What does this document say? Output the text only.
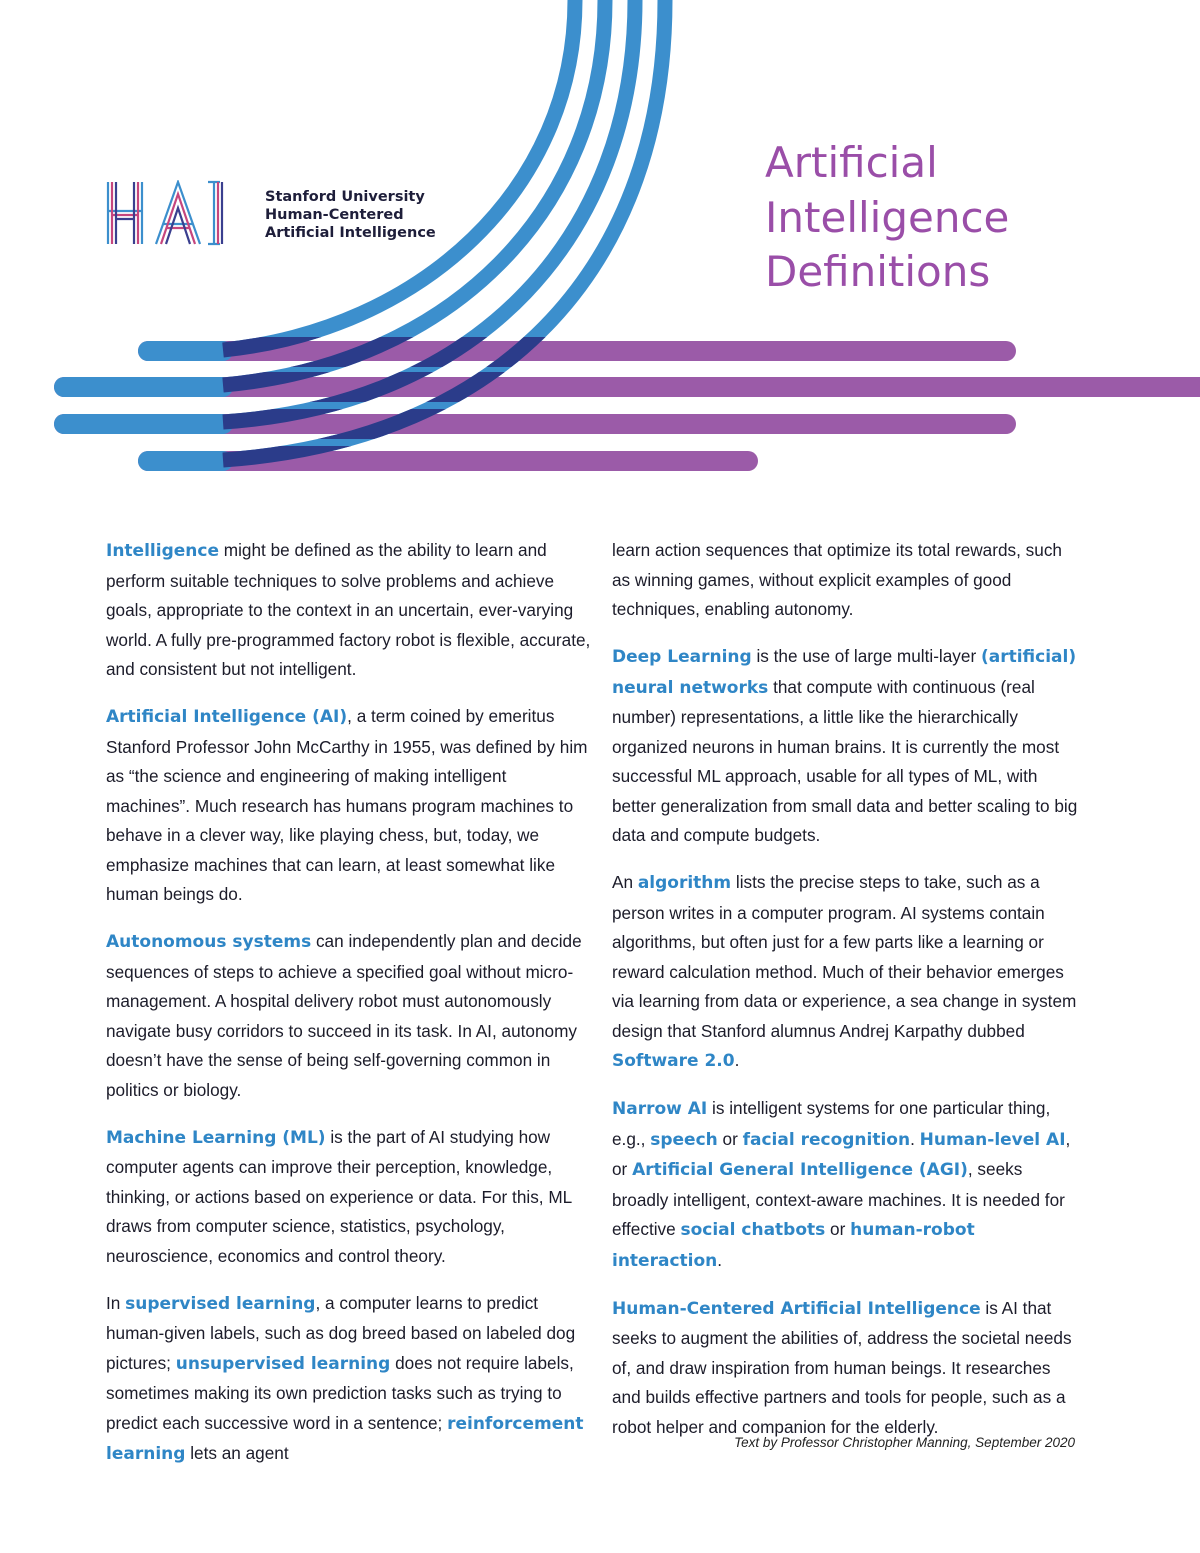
HAI
Stanford University
Human-Centered
Artificial Intelligence
Artificial
Intelligence
Definitions

Intelligence might be defined as the ability to learn and perform suitable techniques to solve problems and achieve goals, appropriate to the context in an uncertain, ever-varying world. A fully pre-programmed factory robot is flexible, accurate, and consistent but not intelligent.

Artificial Intelligence (AI), a term coined by emeritus Stanford Professor John McCarthy in 1955, was defined by him as “the science and engineering of making intelligent machines”. Much research has humans program machines to behave in a clever way, like playing chess, but, today, we emphasize machines that can learn, at least somewhat like human beings do.

Autonomous systems can independently plan and decide sequences of steps to achieve a specified goal without micro-management. A hospital delivery robot must autonomously navigate busy corridors to succeed in its task. In AI, autonomy doesn’t have the sense of being self-governing common in politics or biology.

Machine Learning (ML) is the part of AI studying how computer agents can improve their perception, knowledge, thinking, or actions based on experience or data. For this, ML draws from computer science, statistics, psychology, neuroscience, economics and control theory.

In supervised learning, a computer learns to predict human-given labels, such as dog breed based on labeled dog pictures; unsupervised learning does not require labels, sometimes making its own prediction tasks such as trying to predict each successive word in a sentence; reinforcement learning lets an agent

learn action sequences that optimize its total rewards, such as winning games, without explicit examples of good techniques, enabling autonomy.

Deep Learning is the use of large multi-layer (artificial) neural networks that compute with continuous (real number) representations, a little like the hierarchically organized neurons in human brains. It is currently the most successful ML approach, usable for all types of ML, with better generalization from small data and better scaling to big data and compute budgets.

An algorithm lists the precise steps to take, such as a person writes in a computer program. AI systems contain algorithms, but often just for a few parts like a learning or reward calculation method. Much of their behavior emerges via learning from data or experience, a sea change in system design that Stanford alumnus Andrej Karpathy dubbed Software 2.0.

Narrow AI is intelligent systems for one particular thing, e.g., speech or facial recognition. Human-level AI, or Artificial General Intelligence (AGI), seeks broadly intelligent, context-aware machines. It is needed for effective social chatbots or human-robot interaction.

Human-Centered Artificial Intelligence is AI that seeks to augment the abilities of, address the societal needs of, and draw inspiration from human beings. It researches and builds effective partners and tools for people, such as a robot helper and companion for the elderly.

Text by Professor Christopher Manning, September 2020
